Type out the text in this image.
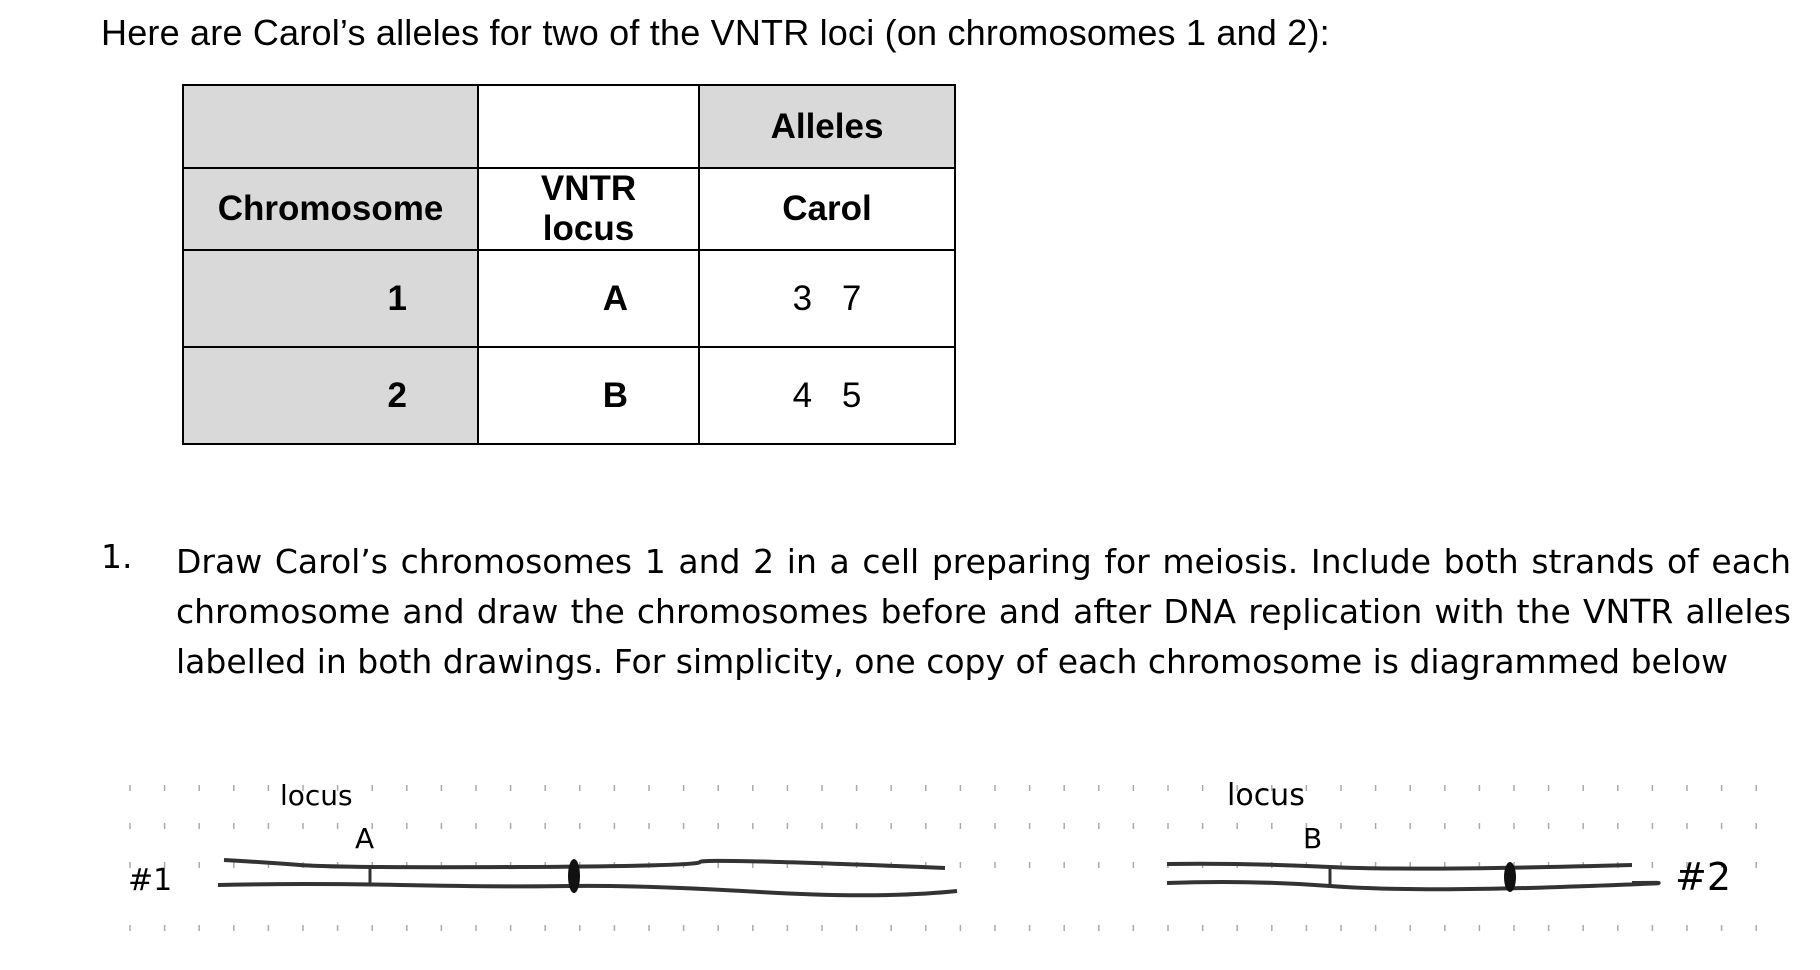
Here are Carol’s alleles for two of the VNTR loci (on chromosomes 1 and 2):
		Alleles
Chromosome	VNTR locus	Carol
1	A	3 7
2	B	4 5
1. Draw Carol’s chromosomes 1 and 2 in a cell preparing for meiosis. Include both strands of each chromosome and draw the chromosomes before and after DNA replication with the VNTR alleles labelled in both drawings. For simplicity, one copy of each chromosome is diagrammed below
#1
locus
A
locus
B
#2
